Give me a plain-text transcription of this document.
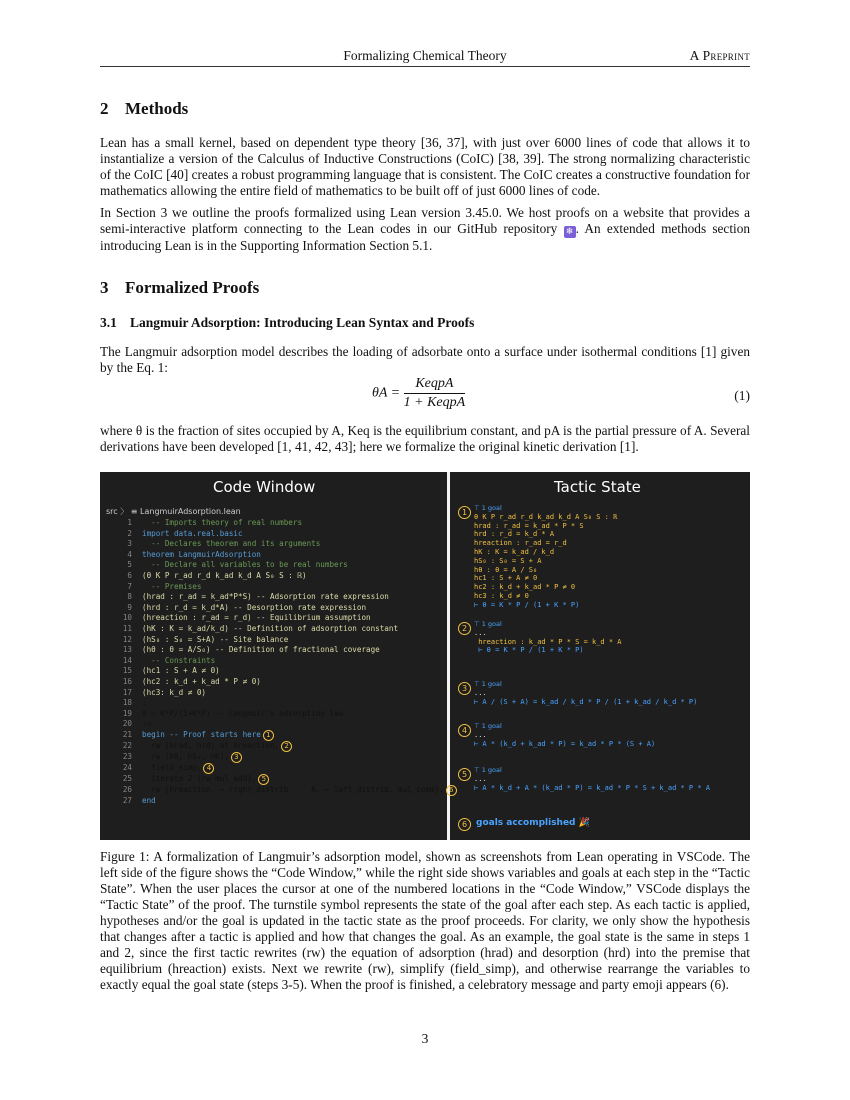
Formalizing Chemical Theory	A Preprint
2 Methods
Lean has a small kernel, based on dependent type theory [36, 37], with just over 6000 lines of code that allows it to instantialize a version of the Calculus of Inductive Constructions (CoIC) [38, 39]. The strong normalizing characteristic of the CoIC [40] creates a robust programming language that is consistent. The CoIC creates a constructive foundation for mathematics allowing the entire field of mathematics to be built off of just 6000 lines of code.
In Section 3 we outline the proofs formalized using Lean version 3.45.0. We host proofs on a website that provides a semi-interactive platform connecting to the Lean codes in our GitHub repository ❄ . An extended methods section introducing Lean is in the Supporting Information Section 5.1.
3 Formalized Proofs
3.1 Langmuir Adsorption: Introducing Lean Syntax and Proofs
The Langmuir adsorption model describes the loading of adsorbate onto a surface under isothermal conditions [1] given by the Eq. 1:
$\theta A = \frac{\text{KeqpA}}{\text{1 + KeqpA}}$	(1)
where θ is the fraction of sites occupied by A, Keq is the equilibrium constant, and pA is the partial pressure of A. Several derivations have been developed [1, 41, 42, 43]; here we formalize the original kinetic derivation [1].
Code Window	Tactic State
src 〉 ≡ LangmuirAdsorption.lean
1  -- Imports theory of real numbers
2 import data.real.basic
3  -- Declares theorem and its arguments
4 theorem LangmuirAdsorption
5  -- Declare all variables to be real numbers
6 (θ K P r_ad r_d k_ad k_d A S₀ S : ℝ)
7  -- Premises
8 (hrad : r_ad = k_ad*P*S) -- Adsorption rate expression
9 (hrd : r_d = k_d*A) -- Desorption rate expression
10 (hreaction : r_ad = r_d) -- Equilibrium assumption
11 (hK : K = k_ad/k_d) -- Definition of adsorption constant
12 (hS₀ : S₀ = S+A) -- Site balance
13 (hθ : θ = A/S₀) -- Definition of fractional coverage
14  -- Constraints
15 (hc1 : S + A ≠ 0)
16 (hc2 : k_d + k_ad * P ≠ 0)
17 (hc3: k_d ≠ 0)
18 :
19 θ = K*P/(1+K*P) -- Langmuir's adsorption law
20 :=
21 begin -- Proof starts here 1
22  rw [hrad, hrd] at hreaction, 2
23  rw [hθ, hS₀, hK], 3
24  field_simp, 4
25  iterate 2 {rw mul_add}, 5
26  rw [hreaction, ← right_distrib _ _ A, ← left_distrib, mul_comm], 6
27 end
1	⊤ 1 goal
θ K P r_ad r_d k_ad k_d A S₀ S : ℝ
hrad : r_ad = k_ad * P * S
hrd : r_d = k_d * A
hreaction : r_ad = r_d
hK : K = k_ad / k_d
hS₀ : S₀ = S + A
hθ : θ = A / S₀
hc1 : S + A ≠ 0
hc2 : k_d + k_ad * P ≠ 0
hc3 : k_d ≠ 0
⊢ θ = K * P / (1 + K * P)
2	⊤ 1 goal
...
hreaction : k_ad * P * S = k_d * A
⊢ θ = K * P / (1 + K * P)
3	⊤ 1 goal
...
⊢ A / (S + A) = k_ad / k_d * P / (1 + k_ad / k_d * P)
4	⊤ 1 goal
...
⊢ A * (k_d + k_ad * P) = k_ad * P * (S + A)
5	⊤ 1 goal
...
⊢ A * k_d + A * (k_ad * P) = k_ad * P * S + k_ad * P * A
6 goals accomplished 🎉
Figure 1: A formalization of Langmuir’s adsorption model, shown as screenshots from Lean operating in VSCode. The left side of the figure shows the “Code Window,” while the right side shows variables and goals at each step in the “Tactic State”. When the user places the cursor at one of the numbered locations in the “Code Window,” VSCode displays the “Tactic State” of the proof. The turnstile symbol represents the state of the goal after each step. As each tactic is applied, hypotheses and/or the goal is updated in the tactic state as the proof proceeds. For clarity, we only show the hypothesis that changes after a tactic is applied and how that changes the goal. As an example, the goal state is the same in steps 1 and 2, since the first tactic rewrites (rw) the equation of adsorption (hrad) and desorption (hrd) into the premise that equilibrium (hreaction) exists. Next we rewrite (rw), simplify (field_simp), and otherwise rearrange the variables to exactly equal the goal state (steps 3-5). When the proof is finished, a celebratory message and party emoji appears (6).
3
